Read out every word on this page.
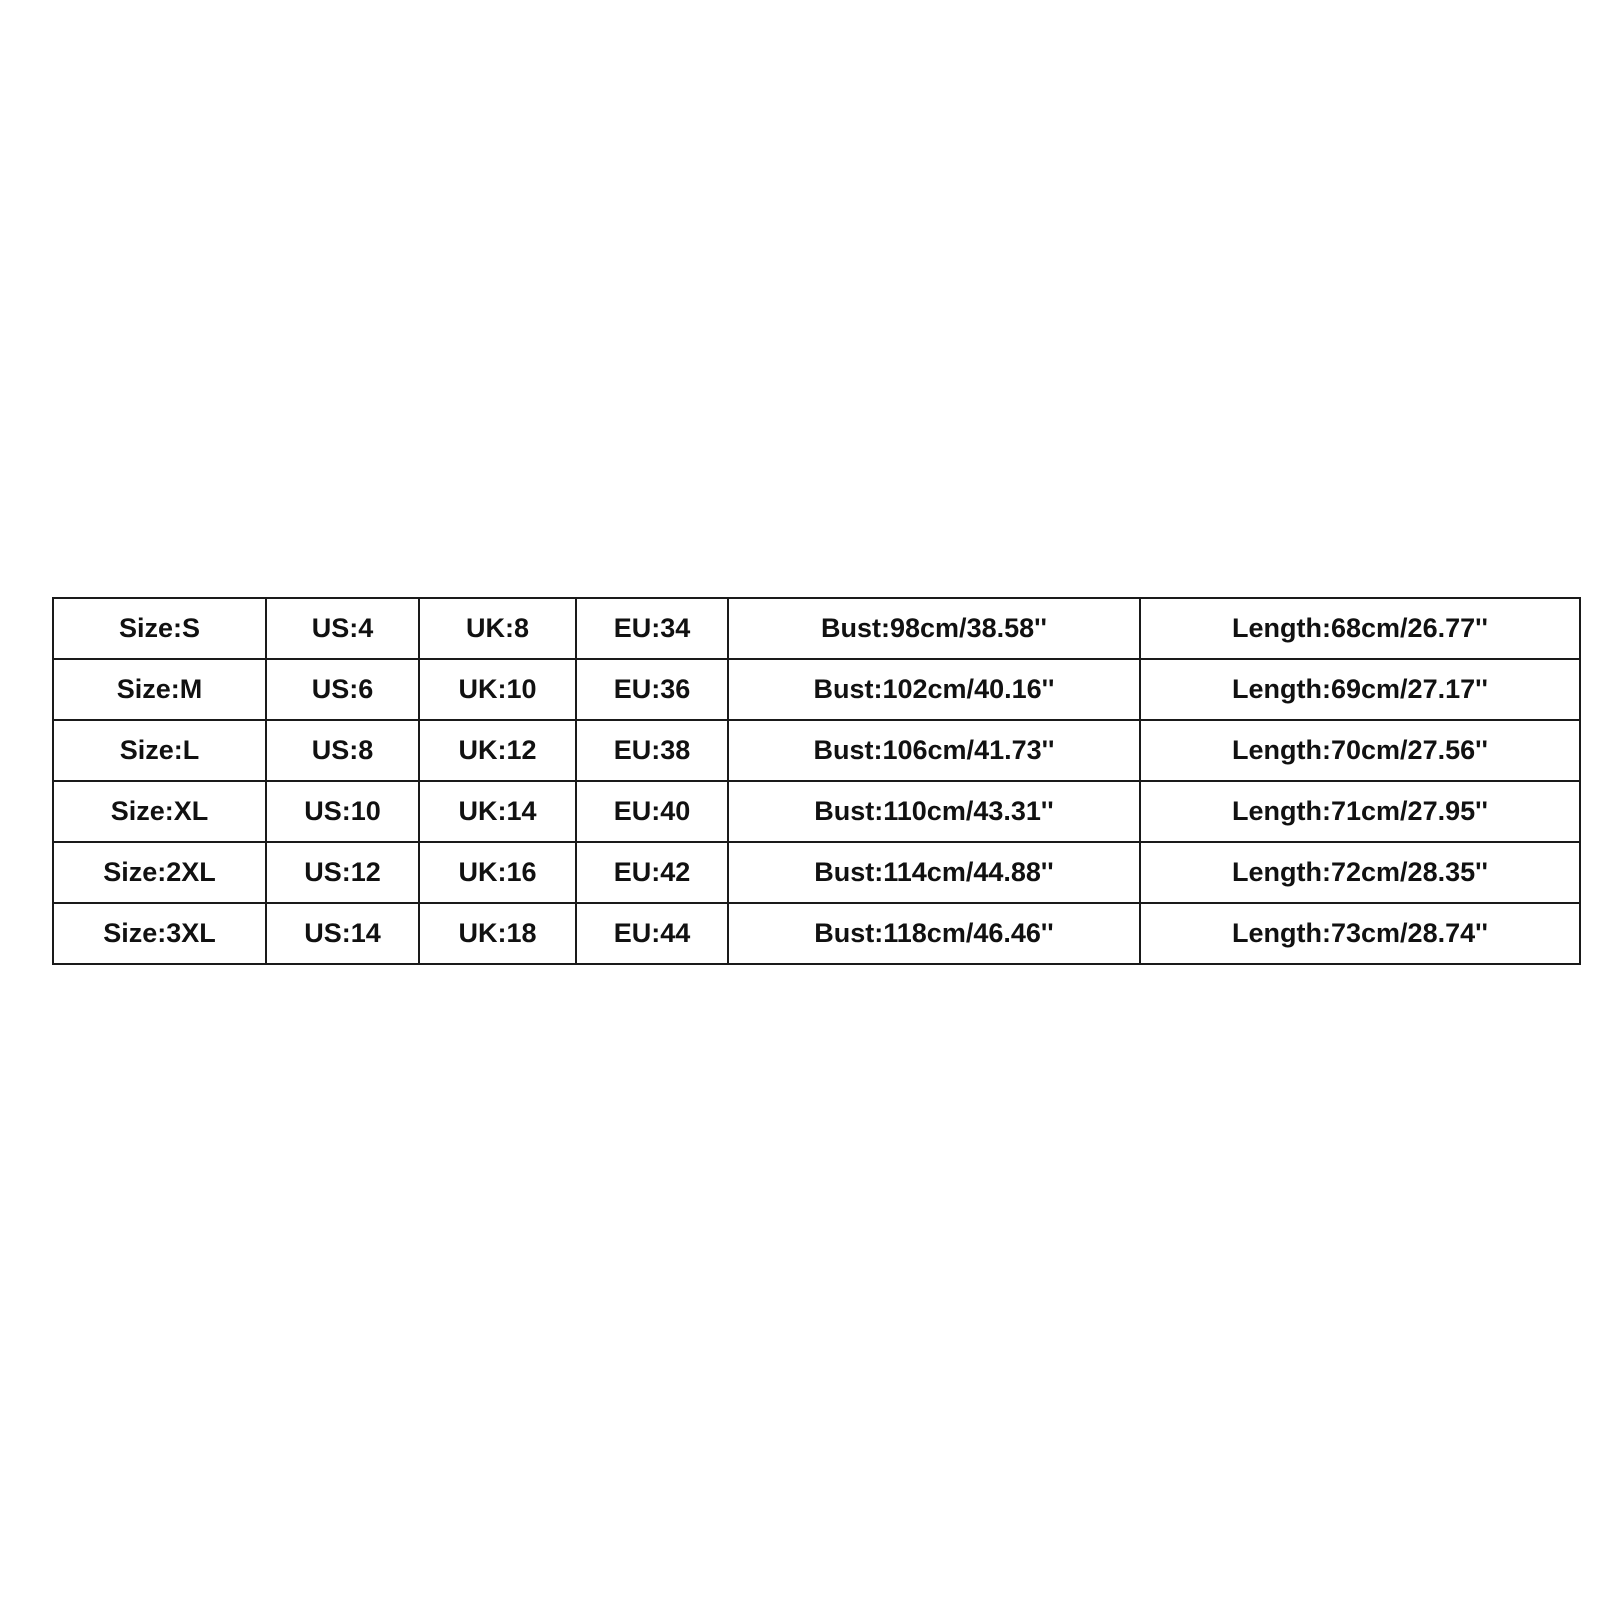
Size:S	US:4	UK:8	EU:34	Bust:98cm/38.58''	Length:68cm/26.77''
Size:M	US:6	UK:10	EU:36	Bust:102cm/40.16''	Length:69cm/27.17''
Size:L	US:8	UK:12	EU:38	Bust:106cm/41.73''	Length:70cm/27.56''
Size:XL	US:10	UK:14	EU:40	Bust:110cm/43.31''	Length:71cm/27.95''
Size:2XL	US:12	UK:16	EU:42	Bust:114cm/44.88''	Length:72cm/28.35''
Size:3XL	US:14	UK:18	EU:44	Bust:118cm/46.46''	Length:73cm/28.74''
